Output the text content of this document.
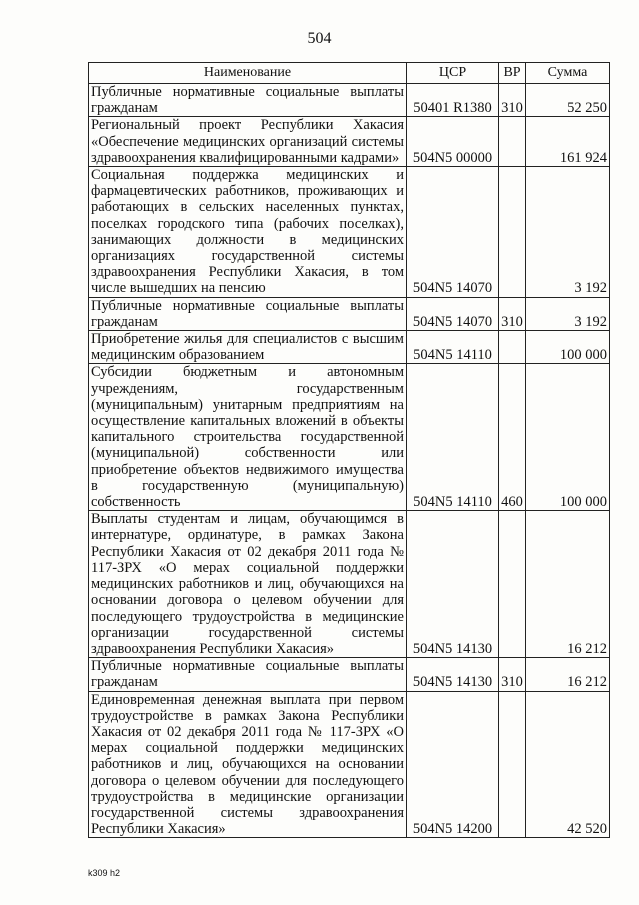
504
Наименование	ЦСР	ВР	Сумма
Публичные нормативные социальные выплаты гражданам	50401 R1380	310	52 250
Региональный проект Республики Хакасия «Обеспечение медицинских организаций системы здравоохранения квалифицированными кадрами»	504N5 00000		161 924
Социальная поддержка медицинских и фармацевтических работников, проживающих и работающих в сельских населенных пунктах, поселках городского типа (рабочих поселках), занимающих должности в медицинских организациях государственной системы здравоохранения Республики Хакасия, в том числе вышедших на пенсию	504N5 14070		3 192
Публичные нормативные социальные выплаты гражданам	504N5 14070	310	3 192
Приобретение жилья для специалистов с высшим медицинским образованием	504N5 14110		100 000
Субсидии бюджетным и автономным учреждениям, государственным (муниципальным) унитарным предприятиям на осуществление капитальных вложений в объекты капитального строительства государственной (муниципальной) собственности или приобретение объектов недвижимого имущества в государственную (муниципальную) собственность	504N5 14110	460	100 000
Выплаты студентам и лицам, обучающимся в интернатуре, ординатуре, в рамках Закона Республики Хакасия от 02 декабря 2011 года № 117-ЗРХ «О мерах социальной поддержки медицинских работников и лиц, обучающихся на основании договора о целевом обучении для последующего трудоустройства в медицинские организации государственной системы здравоохранения Республики Хакасия»	504N5 14130		16 212
Публичные нормативные социальные выплаты гражданам	504N5 14130	310	16 212
Единовременная денежная выплата при первом трудоустройстве в рамках Закона Республики Хакасия от 02 декабря 2011 года № 117-ЗРХ «О мерах социальной поддержки медицинских работников и лиц, обучающихся на основании договора о целевом обучении для последующего трудоустройства в медицинские организации государственной системы здравоохранения Республики Хакасия»	504N5 14200		42 520
k309 h2
